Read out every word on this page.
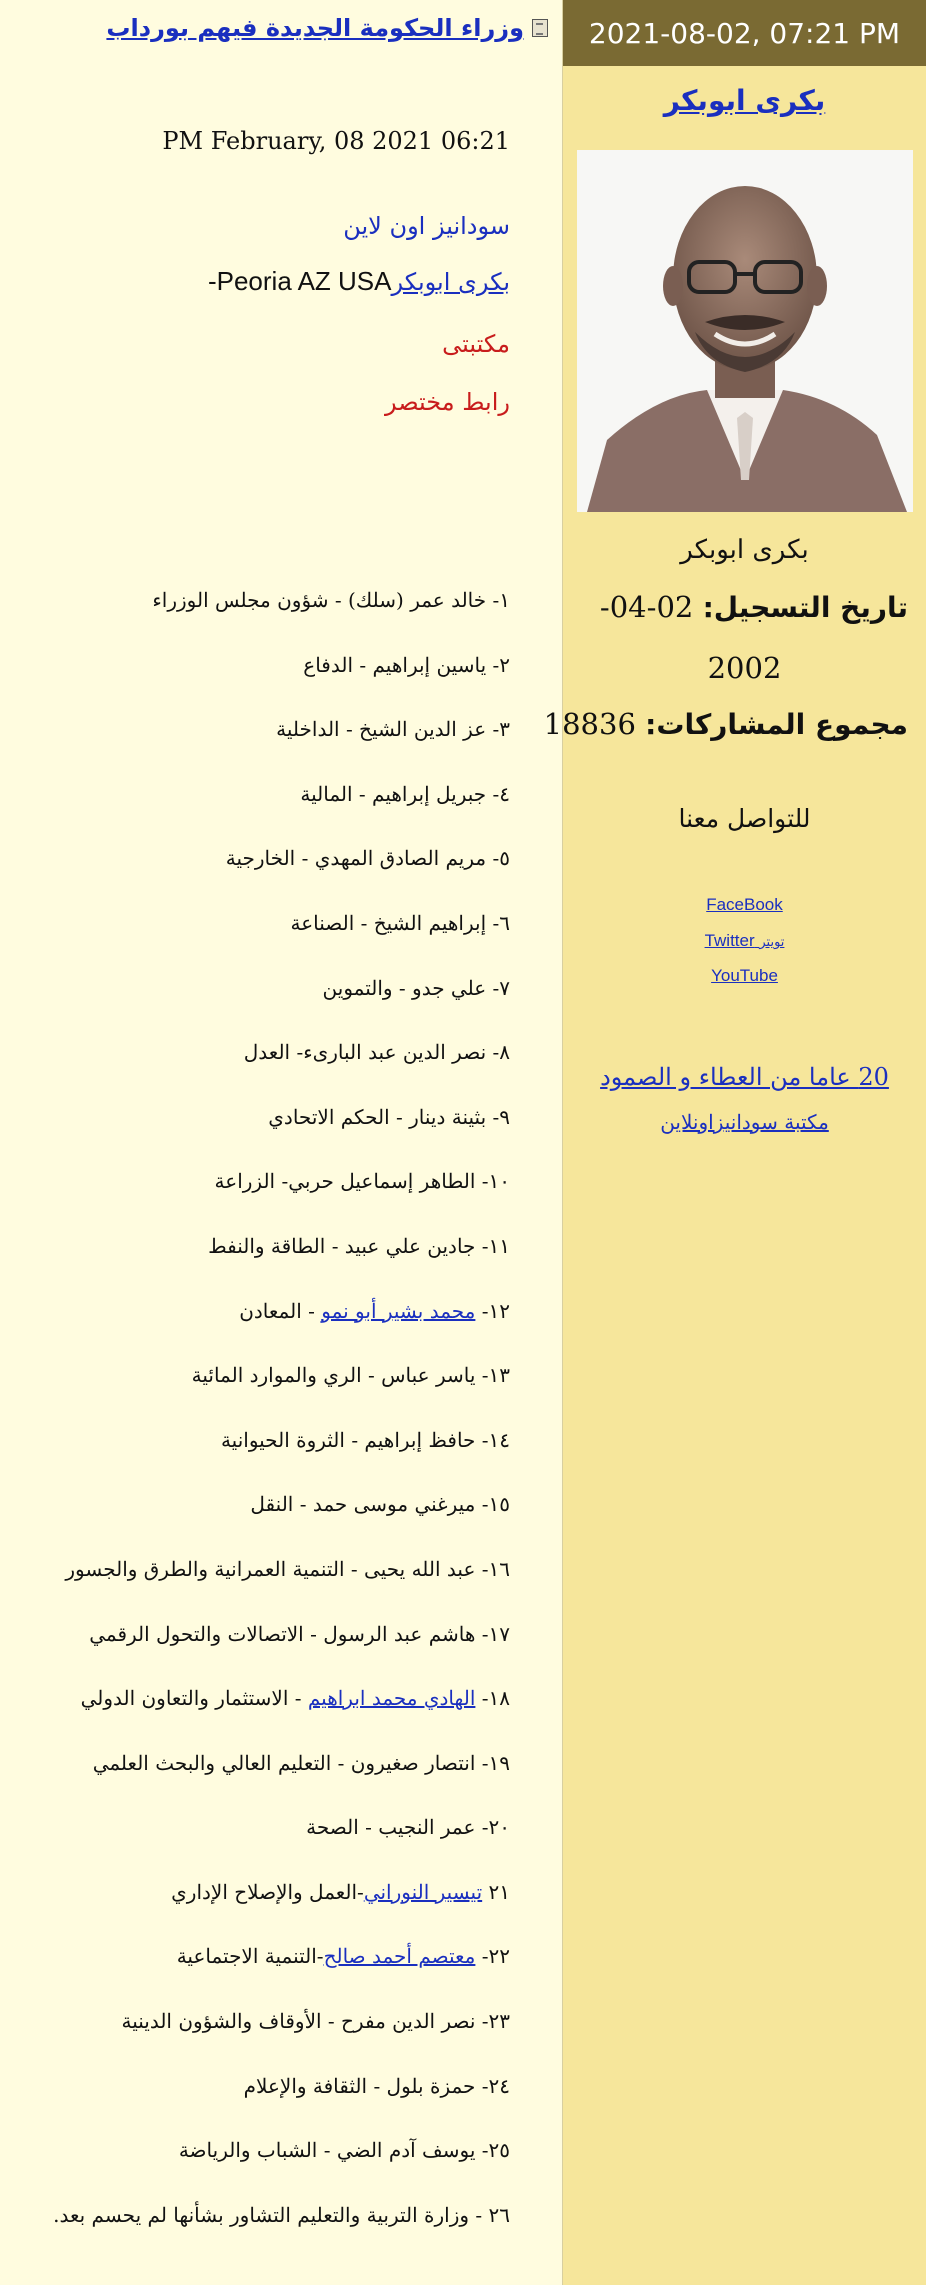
وزراء الحكومة الجديدة فيهم بورداب
PM February, 08 2021 06:21
سودانيز اون لاين
بكرى ابوبكرPeoria AZ USA-
مكتبتى
رابط مختصر
١- خالد عمر (سلك) - شؤون مجلس الوزراء
٢- ياسين إبراهيم - الدفاع
٣- عز الدين الشيخ - الداخلية
٤- جبريل إبراهيم - المالية
٥- مريم الصادق المهدي - الخارجية
٦- إبراهيم الشيخ - الصناعة
٧- علي جدو - والتموين
٨- نصر الدين عبد البارىء- العدل
٩- بثينة دينار - الحكم الاتحادي
١٠- الطاهر إسماعيل حربي- الزراعة
١١- جادين علي عبيد - الطاقة والنفط
١٢- محمد بشير أبو نمو - المعادن
١٣- ياسر عباس - الري والموارد المائية
١٤- حافظ إبراهيم - الثروة الحيوانية
١٥- ميرغني موسى حمد - النقل
١٦- عبد الله يحيى - التنمية العمرانية والطرق والجسور
١٧- هاشم عبد الرسول - الاتصالات والتحول الرقمي
١٨- الهادي محمد ابراهيم - الاستثمار والتعاون الدولي
١٩- انتصار صغيرون - التعليم العالي والبحث العلمي
٢٠- عمر النجيب - الصحة
٢١ تيسير النوراني-العمل والإصلاح الإداري
٢٢- معتصم أحمد صالح-التنمية الاجتماعية
٢٣- نصر الدين مفرح - الأوقاف والشؤون الدينية
٢٤- حمزة بلول - الثقافة والإعلام
٢٥- يوسف آدم الضي - الشباب والرياضة
٢٦ - وزارة التربية والتعليم التشاور بشأنها لم يحسم بعد.
2021-08-02, 07:21 PM
بكرى ابوبكر
بكرى ابوبكر
تاريخ التسجيل: 02-04-
2002
مجموع المشاركات: 18836
للتواصل معنا
FaceBook
Twitter تويتر
YouTube
20 عاما من العطاء و الصمود
مكتبة سودانيزاونلاين
